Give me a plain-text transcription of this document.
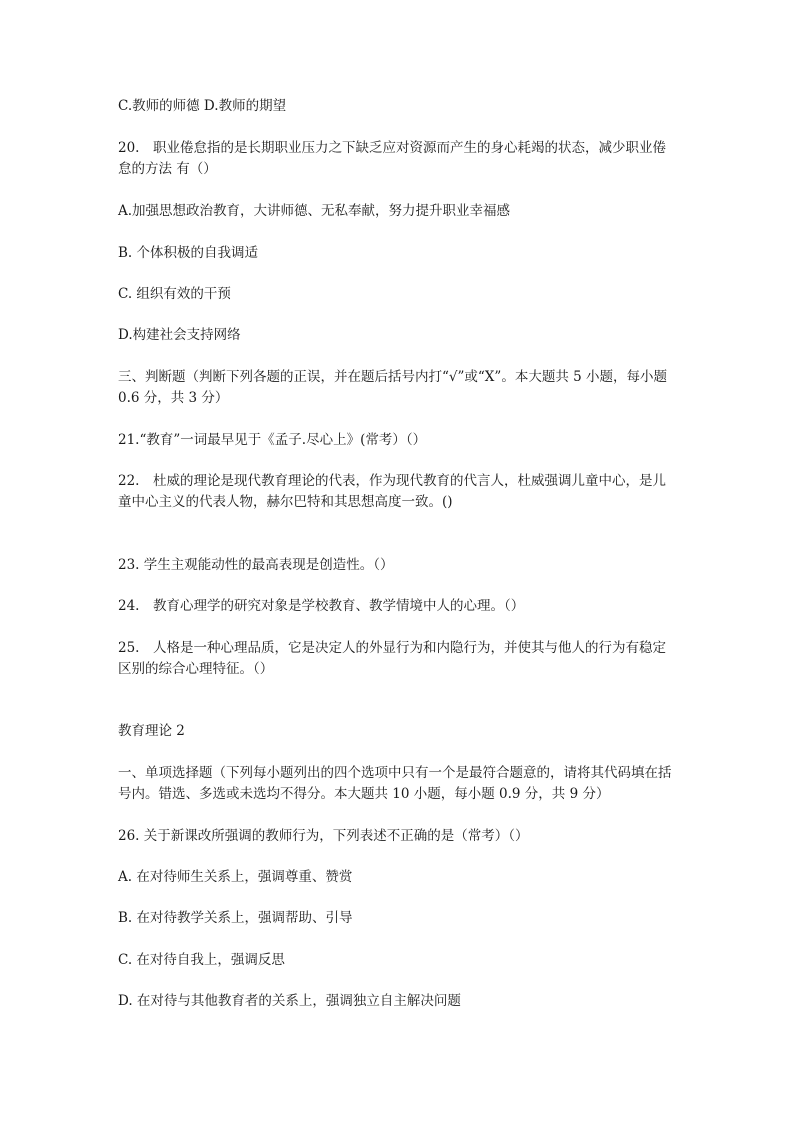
C.教师的师德 D.教师的期望

20.　职业倦怠指的是长期职业压力之下缺乏应对资源而产生的身心耗竭的状态，减少职业倦怠的方法 有（）

A.加强思想政治教育，大讲师德、无私奉献，努力提升职业幸福感

B. 个体积极的自我调适

C. 组织有效的干预

D.构建社会支持网络

三、判断题（判断下列各题的正误，并在题后括号内打“√”或“X”。本大题共 5 小题，每小题 0.6 分，共 3 分）

21.“教育”一词最早见于《孟子.尽心上》(常考）（）

22.　杜威的理论是现代教育理论的代表，作为现代教育的代言人，杜威强调儿童中心，是儿童中心主义的代表人物，赫尔巴特和其思想高度一致。()

23. 学生主观能动性的最高表现是创造性。（）

24.　教育心理学的研究对象是学校教育、教学情境中人的心理。（）

25.　人格是一种心理品质，它是决定人的外显行为和内隐行为，并使其与他人的行为有稳定区别的综合心理特征。（）

教育理论 2

一、单项选择题（下列每小题列出的四个选项中只有一个是最符合题意的，请将其代码填在括号内。错选、多选或未选均不得分。本大题共 10 小题，每小题 0.9 分，共 9 分）

26. 关于新课改所强调的教师行为，下列表述不正确的是（常考）（）

A. 在对待师生关系上，强调尊重、赞赏

B. 在对待教学关系上，强调帮助、引导

C. 在对待自我上，强调反思

D. 在对待与其他教育者的关系上，强调独立自主解决问题
